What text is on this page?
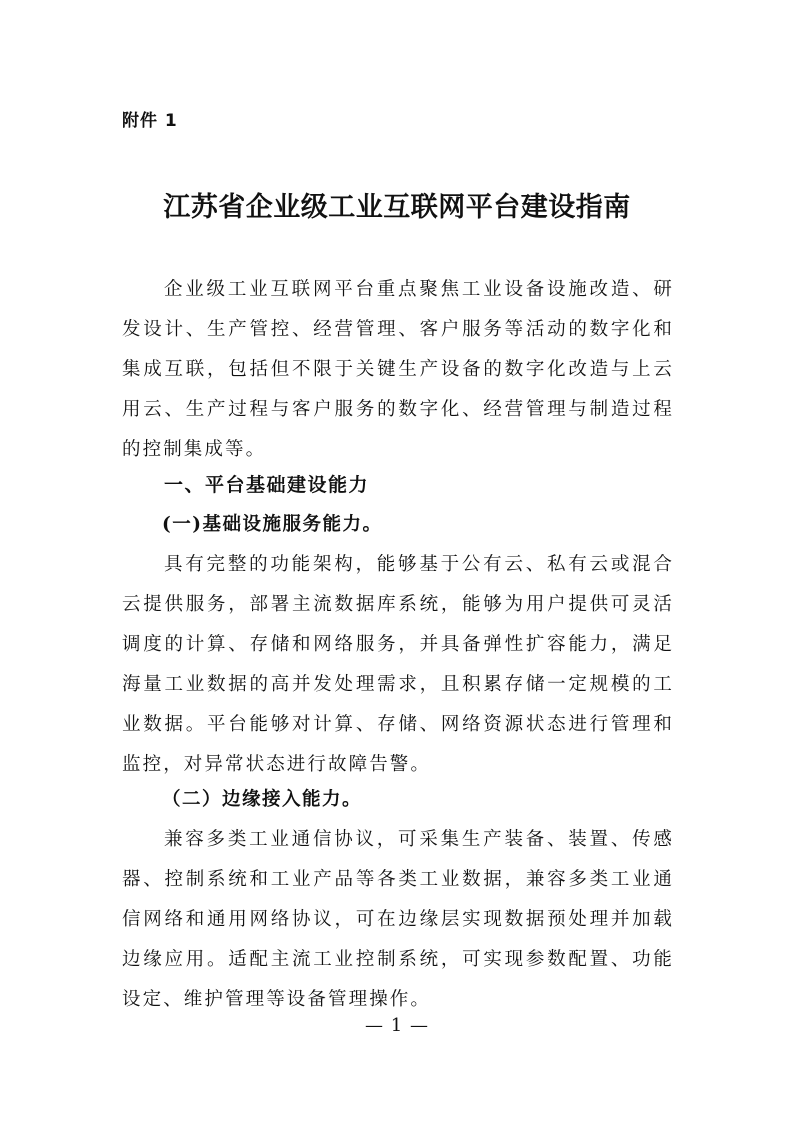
附件 1
江苏省企业级工业互联网平台建设指南

企业级工业互联网平台重点聚焦工业设备设施改造、研发设计、生产管控、经营管理、客户服务等活动的数字化和集成互联，包括但不限于关键生产设备的数字化改造与上云用云、生产过程与客户服务的数字化、经营管理与制造过程的控制集成等。

一、平台基础建设能力

(一)基础设施服务能力。

具有完整的功能架构，能够基于公有云、私有云或混合云提供服务，部署主流数据库系统，能够为用户提供可灵活调度的计算、存储和网络服务，并具备弹性扩容能力，满足海量工业数据的高并发处理需求，且积累存储一定规模的工业数据。平台能够对计算、存储、网络资源状态进行管理和监控，对异常状态进行故障告警。

（二）边缘接入能力。

兼容多类工业通信协议，可采集生产装备、装置、传感器、控制系统和工业产品等各类工业数据，兼容多类工业通信网络和通用网络协议，可在边缘层实现数据预处理并加载边缘应用。适配主流工业控制系统，可实现参数配置、功能设定、维护管理等设备管理操作。

— 1 —
